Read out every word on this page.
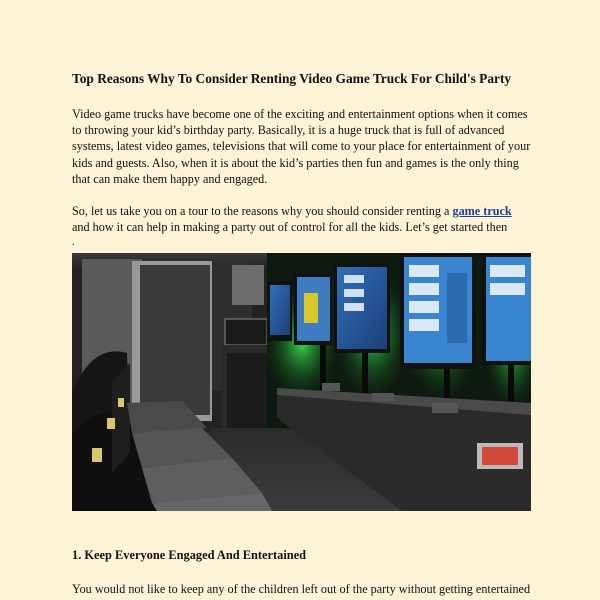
Top Reasons Why To Consider Renting Video Game Truck For Child's Party

Video game trucks have become one of the exciting and entertainment options when it comes to throwing your kid’s birthday party. Basically, it is a huge truck that is full of advanced systems, latest video games, televisions that will come to your place for entertainment of your kids and guests. Also, when it is about the kid’s parties then fun and games is the only thing that can make them happy and engaged.

So, let us take you on a tour to the reasons why you should consider renting a game truck and how it can help in making a party out of control for all the kids. Let’s get started then

.
1. Keep Everyone Engaged And Entertained

You would not like to keep any of the children left out of the party without getting entertained
